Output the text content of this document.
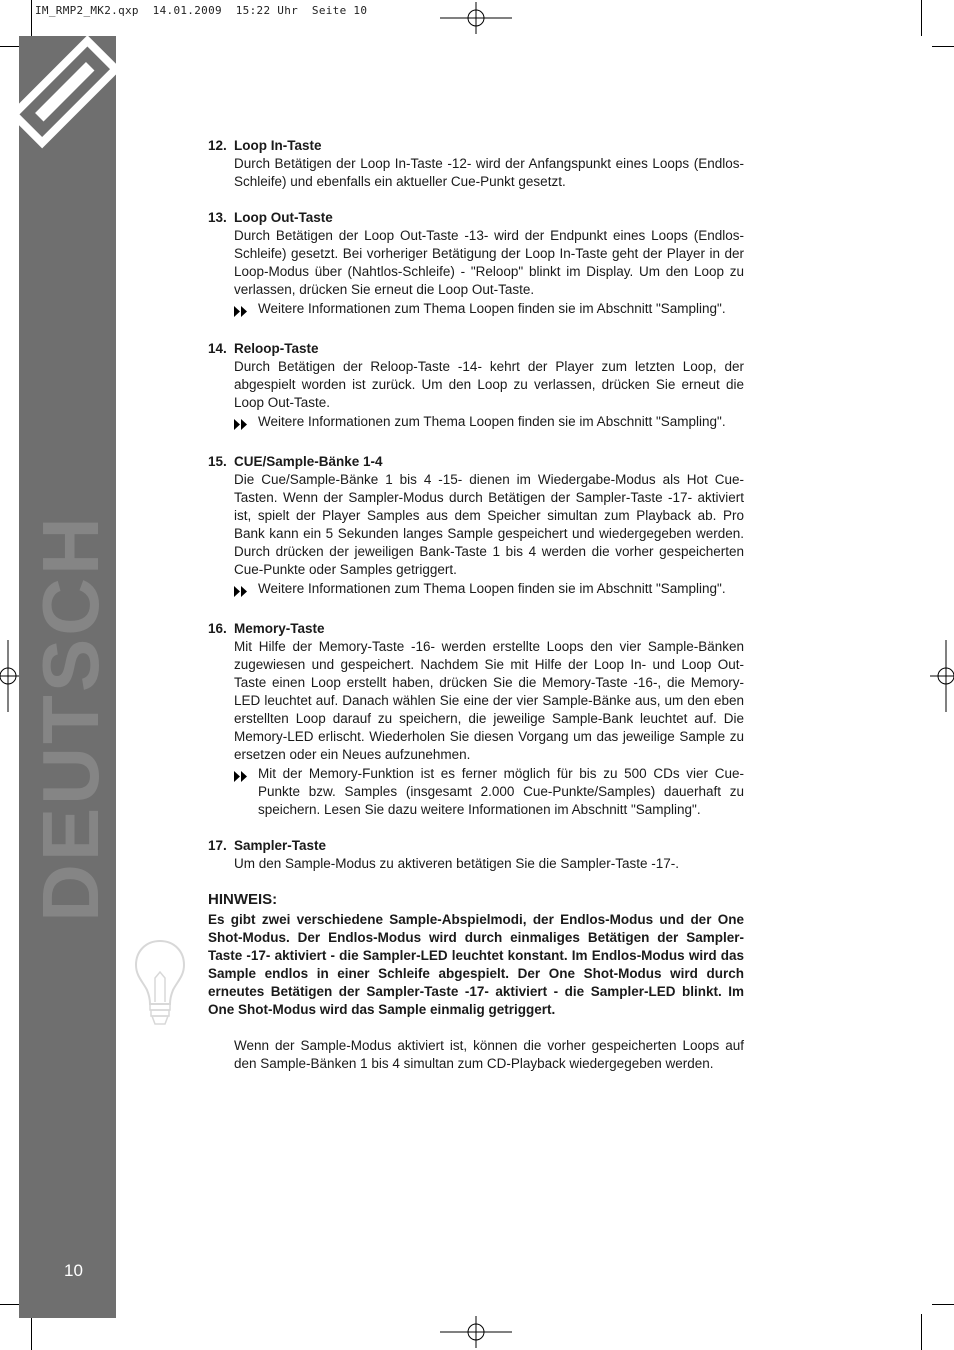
IM_RMP2_MK2.qxp  14.01.2009  15:22 Uhr  Seite 10
DEUTSCH
10
12. Loop In-Taste

Durch Betätigen der Loop In-Taste -12- wird der Anfangspunkt eines Loops (Endlos-Schleife) und ebenfalls ein aktueller Cue-Punkt gesetzt.

13. Loop Out-Taste

Durch Betätigen der Loop Out-Taste -13- wird der Endpunkt eines Loops (Endlos-Schleife) gesetzt. Bei vorheriger Betätigung der Loop In-Taste geht der Player in der Loop-Modus über (Nahtlos-Schleife) - "Reloop" blinkt im Display. Um den Loop zu verlassen, drücken Sie erneut die Loop Out-Taste.

Weitere Informationen zum Thema Loopen finden sie im Abschnitt "Sampling".
14. Reloop-Taste

Durch Betätigen der Reloop-Taste -14- kehrt der Player zum letzten Loop, der abgespielt worden ist zurück. Um den Loop zu verlassen, drücken Sie erneut die Loop Out-Taste.

Weitere Informationen zum Thema Loopen finden sie im Abschnitt "Sampling".
15. CUE/Sample-Bänke 1-4

Die Cue/Sample-Bänke 1 bis 4 -15- dienen im Wiedergabe-Modus als Hot Cue-Tasten. Wenn der Sampler-Modus durch Betätigen der Sampler-Taste -17- aktiviert ist, spielt der Player Samples aus dem Speicher simultan zum Playback ab. Pro Bank kann ein 5 Sekunden langes Sample gespeichert und wiedergegeben werden. Durch drücken der jeweiligen Bank-Taste 1 bis 4 werden die vorher gespeicherten Cue-Punkte oder Samples getriggert.

Weitere Informationen zum Thema Loopen finden sie im Abschnitt "Sampling".
16. Memory-Taste

Mit Hilfe der Memory-Taste -16- werden erstellte Loops den vier Sample-Bänken zugewiesen und gespeichert. Nachdem Sie mit Hilfe der Loop In- und Loop Out-Taste einen Loop erstellt haben, drücken Sie die Memory-Taste -16-, die Memory-LED leuchtet auf. Danach wählen Sie eine der vier Sample-Bänke aus, um den eben erstellten Loop darauf zu speichern, die jeweilige Sample-Bank leuchtet auf. Die Memory-LED erlischt. Wiederholen Sie diesen Vorgang um das jeweilige Sample zu ersetzen oder ein Neues aufzunehmen.

Mit der Memory-Funktion ist es ferner möglich für bis zu 500 CDs vier Cue-Punkte bzw. Samples (insgesamt 2.000 Cue-Punkte/Samples) dauerhaft zu speichern. Lesen Sie dazu weitere Informationen im Abschnitt "Sampling".
17. Sampler-Taste

Um den Sample-Modus zu aktiveren betätigen Sie die Sampler-Taste -17-.

HINWEIS:

Es gibt zwei verschiedene Sample-Abspielmodi, der Endlos-Modus und der One Shot-Modus. Der Endlos-Modus wird durch einmaliges Betätigen der Sampler-Taste -17- aktiviert - die Sampler-LED leuchtet konstant. Im Endlos-Modus wird das Sample endlos in einer Schleife abgespielt. Der One Shot-Modus wird durch erneutes Betätigen der Sampler-Taste -17- aktiviert - die Sampler-LED blinkt. Im One Shot-Modus wird das Sample einmalig getriggert.

Wenn der Sample-Modus aktiviert ist, können die vorher gespeicherten Loops auf den Sample-Bänken 1 bis 4 simultan zum CD-Playback wiedergegeben werden.
